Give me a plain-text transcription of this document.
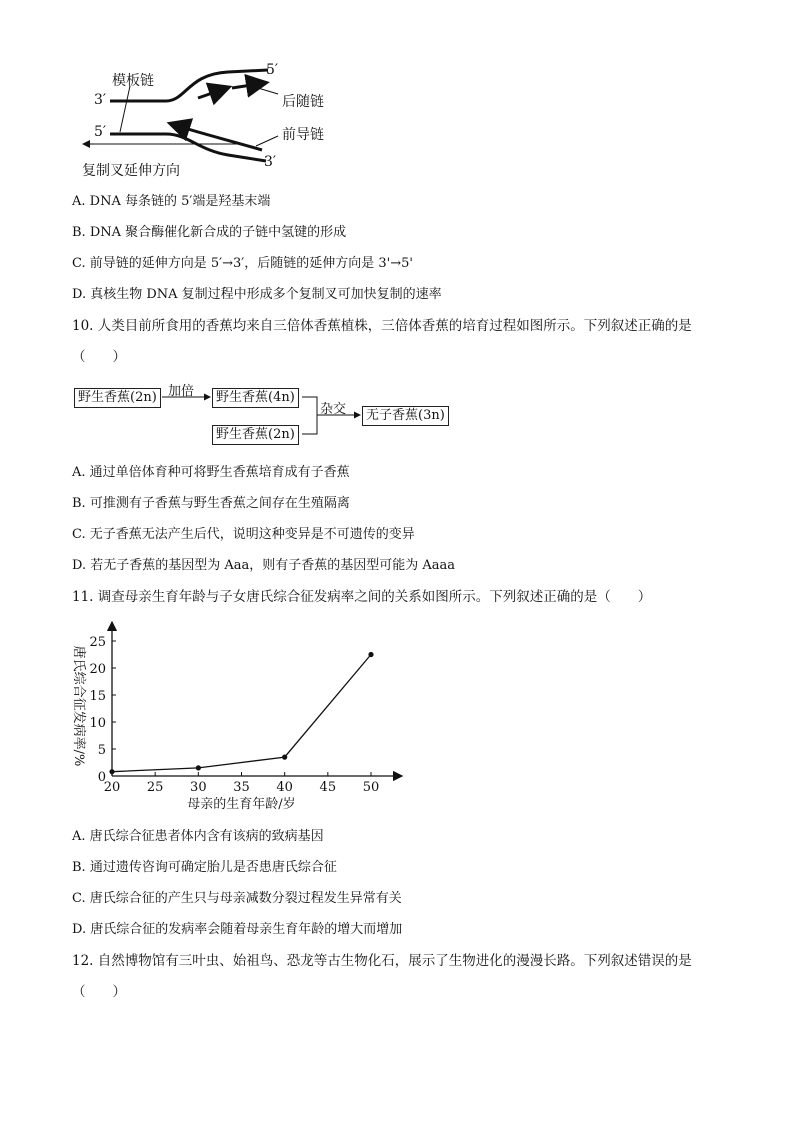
模板链
5′
3′	后随链
5′	前导链
3′
复制叉延伸方向
A. DNA 每条链的 5′端是羟基末端
B. DNA 聚合酶催化新合成的子链中氢键的形成
C. 前导链的延伸方向是 5′→3′，后随链的延伸方向是 3'→5'
D. 真核生物 DNA 复制过程中形成多个复制叉可加快复制的速率
10. 人类目前所食用的香蕉均来自三倍体香蕉植株，三倍体香蕉的培育过程如图所示。下列叙述正确的是
（　　）
野生香蕉(2n) 加倍	野生香蕉(4n)
野生香蕉(2n)
杂交	无子香蕉(3n)
A. 通过单倍体育种可将野生香蕉培育成有子香蕉
B. 可推测有子香蕉与野生香蕉之间存在生殖隔离
C. 无子香蕉无法产生后代，说明这种变异是不可遗传的变异
D. 若无子香蕉的基因型为 Aaa，则有子香蕉的基因型可能为 Aaaa
11. 调查母亲生育年龄与子女唐氏综合征发病率之间的关系如图所示。下列叙述正确的是（　　）
20 25 30 35 40 45 50
0
5
10
15
20
25
母亲的生育年龄/岁
唐氏综合征发病率/%
A. 唐氏综合征患者体内含有该病的致病基因
B. 通过遗传咨询可确定胎儿是否患唐氏综合征
C. 唐氏综合征的产生只与母亲减数分裂过程发生异常有关
D. 唐氏综合征的发病率会随着母亲生育年龄的增大而增加
12. 自然博物馆有三叶虫、始祖鸟、恐龙等古生物化石，展示了生物进化的漫漫长路。下列叙述错误的是
（　　）
